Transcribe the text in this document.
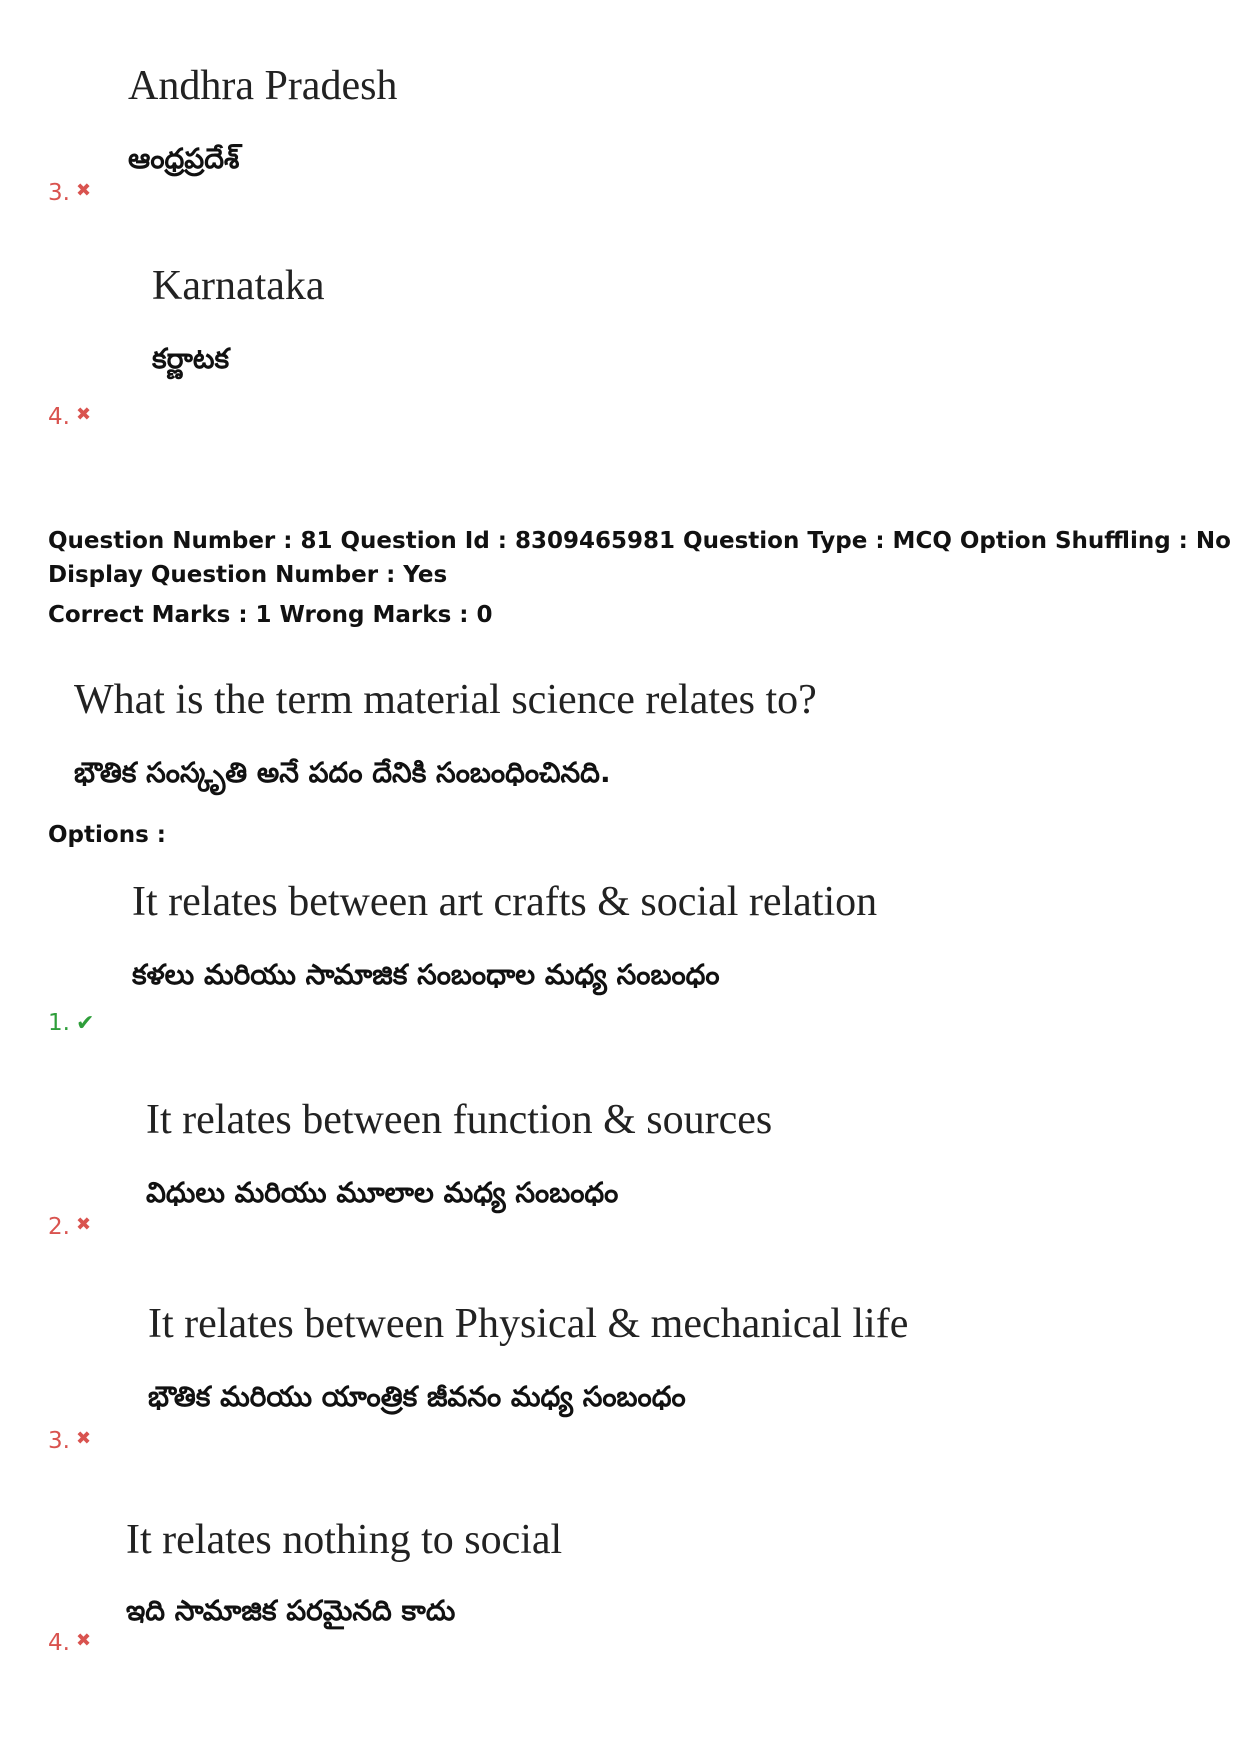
Andhra Pradesh
ఆంధ్రప్రదేశ్
3. ✖
Karnataka
కర్ణాటక
4. ✖
Question Number : 81 Question Id : 8309465981 Question Type : MCQ Option Shuffling : No
Display Question Number : Yes
Correct Marks : 1 Wrong Marks : 0
What is the term material science relates to?
భౌతిక సంస్కృతి అనే పదం దేనికి సంబంధించినది.
Options :
It relates between art crafts & social relation
కళలు మరియు సామాజిక సంబంధాల మధ్య సంబంధం
1. ✔
It relates between function & sources
విధులు మరియు మూలాల మధ్య సంబంధం
2. ✖
It relates between Physical & mechanical life
భౌతిక మరియు యాంత్రిక జీవనం మధ్య సంబంధం
3. ✖
It relates nothing to social
ఇది సామాజిక పరమైనది కాదు
4. ✖
